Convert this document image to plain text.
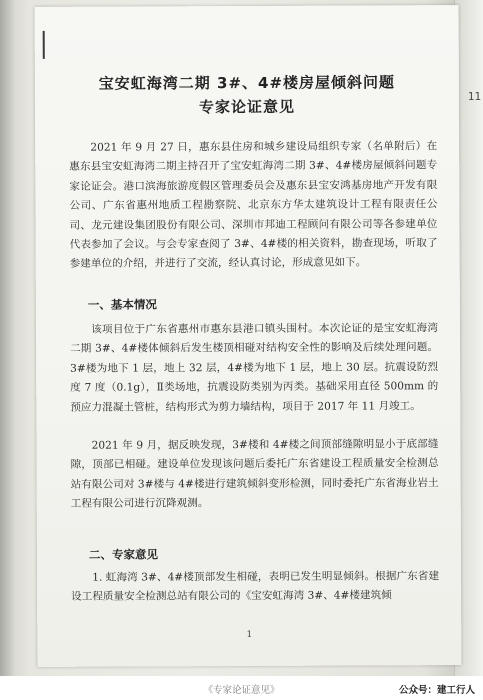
11
宝安虹海湾二期 3#、4#楼房屋倾斜问题
专家论证意见
2021 年 9 月 27 日，惠东县住房和城乡建设局组织专家（名单附后）在惠东县宝安虹海湾二期主持召开了宝安虹海湾二期 3#、4#楼房屋倾斜问题专家论证会。港口滨海旅游度假区管理委员会及惠东县宝安鸿基房地产开发有限公司、广东省惠州地质工程勘察院、北京东方华太建筑设计工程有限责任公司、龙元建设集团股份有限公司、深圳市邦迪工程顾问有限公司等各参建单位代表参加了会议。与会专家查阅了 3#、4#楼的相关资料，勘查现场，听取了参建单位的介绍，并进行了交流，经认真讨论，形成意见如下。
一、基本情况
该项目位于广东省惠州市惠东县港口镇头围村。本次论证的是宝安虹海湾二期 3#、4#楼体倾斜后发生楼顶相碰对结构安全性的影响及后续处理问题。3#楼为地下 1 层，地上 32 层，4#楼为地下 1 层，地上 30 层。抗震设防烈度 7 度（0.1g），Ⅱ类场地，抗震设防类别为丙类。基础采用直径 500mm 的预应力混凝土管桩，结构形式为剪力墙结构，项目于 2017 年 11 月竣工。
2021 年 9 月，据反映发现，3#楼和 4#楼之间顶部缝隙明显小于底部缝隙，顶部已相碰。建设单位发现该问题后委托广东省建设工程质量安全检测总站有限公司对 3#楼与 4#楼进行建筑倾斜变形检测，同时委托广东省海业岩土工程有限公司进行沉降观测。
二、专家意见
1. 虹海湾 3#、4#楼顶部发生相碰，表明已发生明显倾斜。根据广东省建设工程质量安全检测总站有限公司的《宝安虹海湾 3#、4#楼建筑倾
1
《专家论证意见》	公众号：建工行人
